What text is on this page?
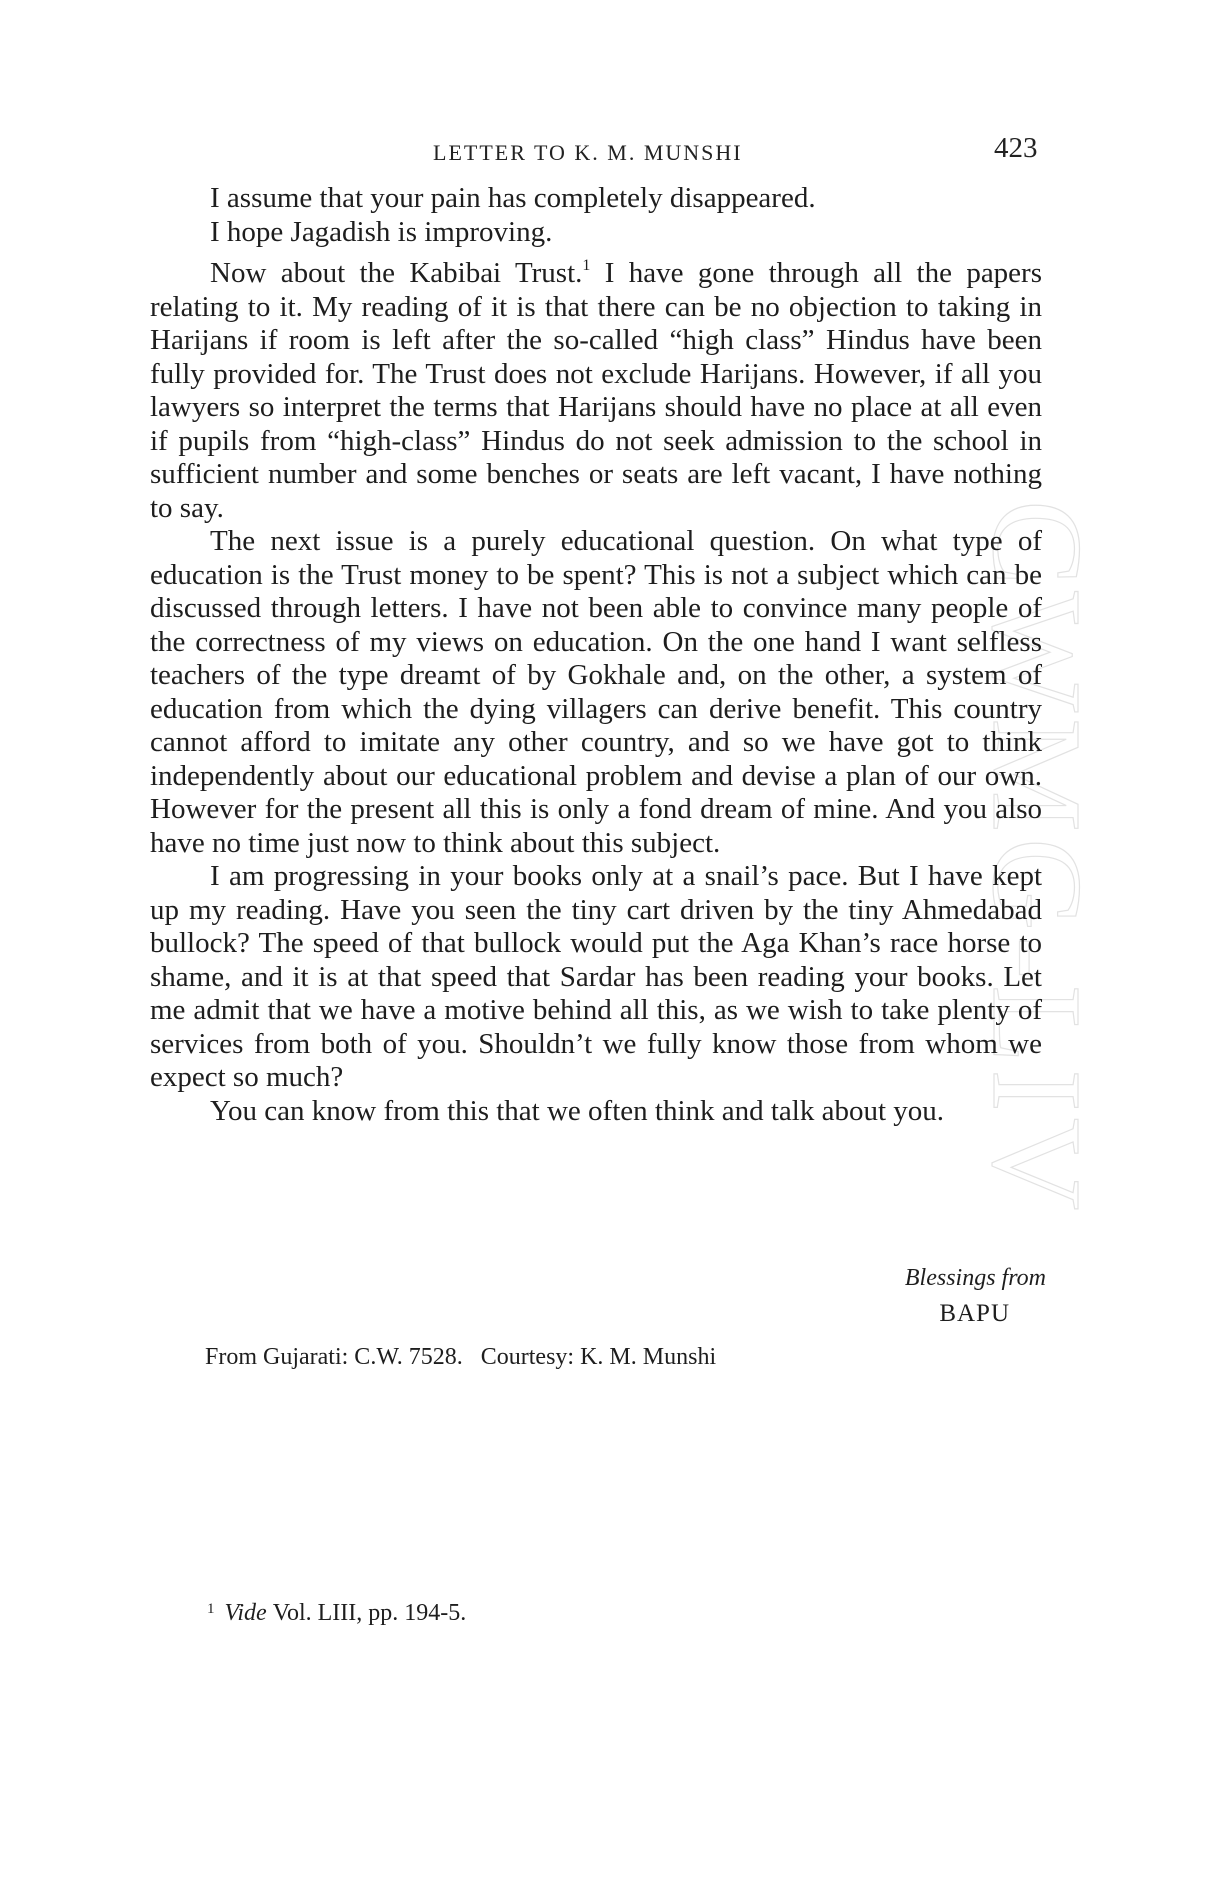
CWMG-LIV
LETTER TO K. M. MUNSHI	423

I assume that your pain has completely disappeared.

I hope Jagadish is improving.

Now about the Kabibai Trust.$^1$ I have gone through all the papers relating to it. My reading of it is that there can be no objection to taking in Harijans if room is left after the so-called “high class” Hindus have been fully provided for. The Trust does not exclude Harijans. However, if all you lawyers so interpret the terms that Harijans should have no place at all even if pupils from “high-class” Hindus do not seek admission to the school in sufficient number and some benches or seats are left vacant, I have nothing to say.

The next issue is a purely educational question. On what type of education is the Trust money to be spent? This is not a subject which can be discussed through letters. I have not been able to convince many people of the correctness of my views on education. On the one hand I want selfless teachers of the type dreamt of by Gokhale and, on the other, a system of education from which the dying villagers can derive benefit. This country cannot afford to imitate any other country, and so we have got to think independently about our educational problem and devise a plan of our own. However for the present all this is only a fond dream of mine. And you also have no time just now to think about this subject.

I am progressing in your books only at a snail’s pace. But I have kept up my reading. Have you seen the tiny cart driven by the tiny Ahmedabad bullock? The speed of that bullock would put the Aga Khan’s race horse to shame, and it is at that speed that Sardar has been reading your books. Let me admit that we have a motive behind all this, as we wish to take plenty of services from both of you. Shouldn’t we fully know those from whom we expect so much?

You can know from this that we often think and talk about you.

Blessings from
BAPU
From Gujarati: C.W. 7528. Courtesy: K. M. Munshi
$^1$ Vide Vol. LIII, pp. 194-5.
